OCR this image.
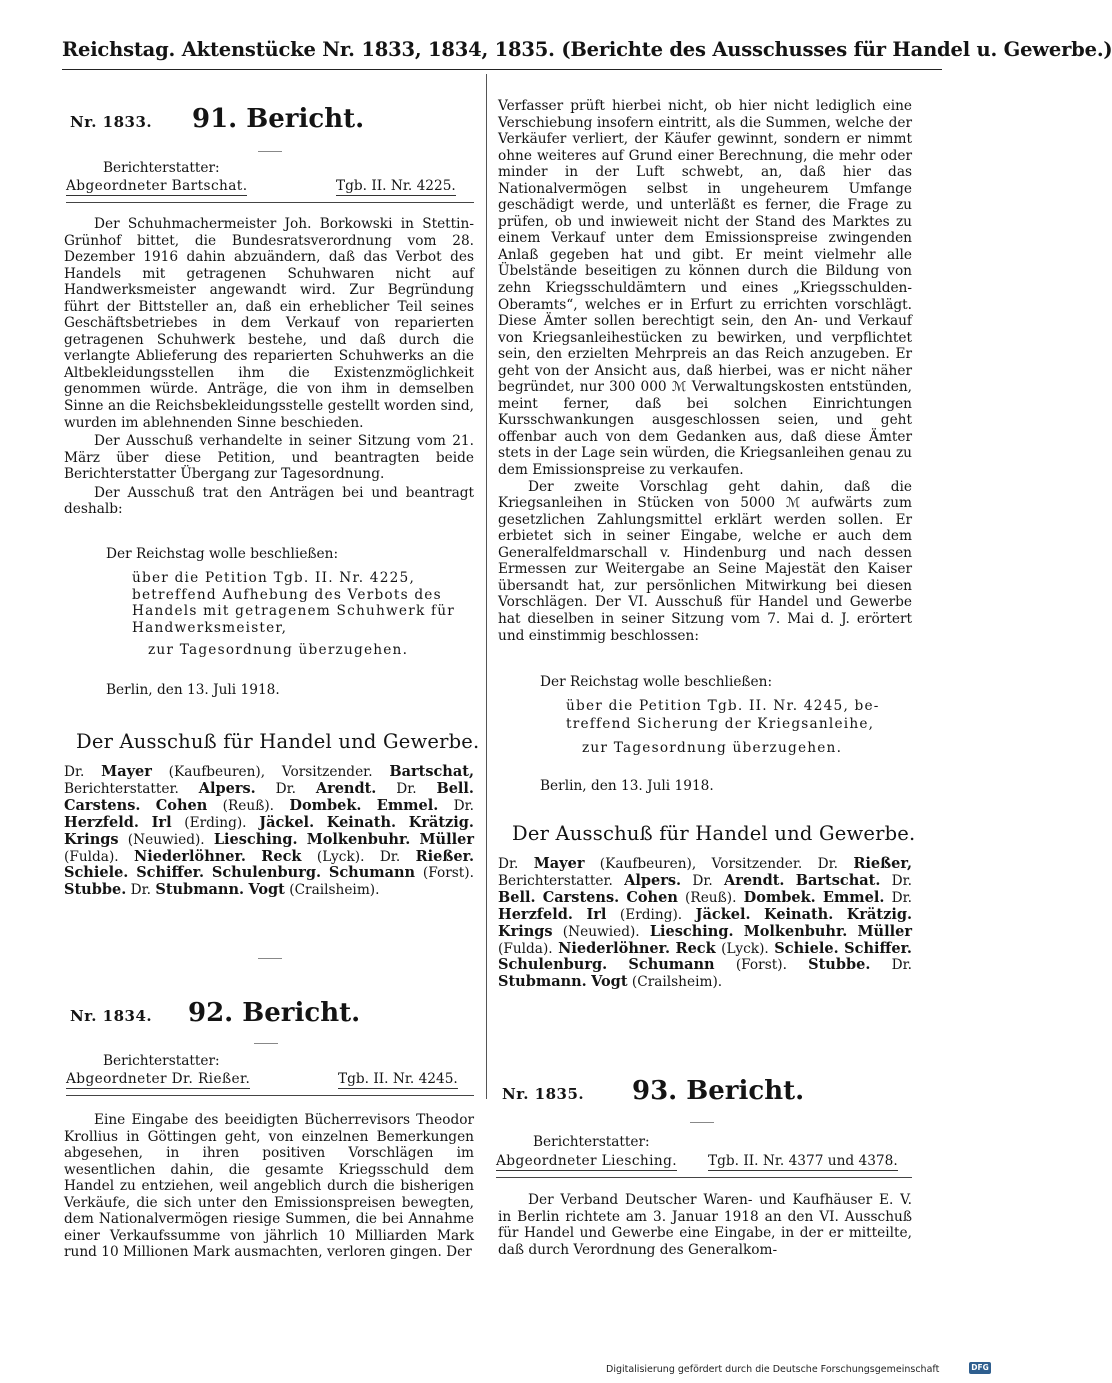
Reichstag. Aktenstücke Nr. 1833, 1834, 1835. (Berichte des Ausschusses für Handel u. Gewerbe.)
Nr. 1833. 91. Bericht.
Berichterstatter:
Abgeordneter Bartschat.	Tgb. II. Nr. 4225.

Der Schuhmachermeister Joh. Borkowski in Stettin-Grünhof bittet, die Bundesratsverordnung vom 28. Dezember 1916 dahin abzuändern, daß das Verbot des Handels mit getragenen Schuhwaren nicht auf Handwerksmeister angewandt wird. Zur Begründung führt der Bittsteller an, daß ein erheblicher Teil seines Geschäftsbetriebes in dem Verkauf von reparierten getragenen Schuhwerk bestehe, und daß durch die verlangte Ablieferung des reparierten Schuhwerks an die Altbekleidungsstellen ihm die Existenzmöglichkeit genommen würde. Anträge, die von ihm in demselben Sinne an die Reichsbekleidungsstelle gestellt worden sind, wurden im ablehnenden Sinne beschieden.

Der Ausschuß verhandelte in seiner Sitzung vom 21. März über diese Petition, und beantragten beide Berichterstatter Übergang zur Tagesordnung.

Der Ausschuß trat den Anträgen bei und beantragt deshalb:

Der Reichstag wolle beschließen:
über die Petition Tgb. II. Nr. 4225, betreffend Aufhebung des Verbots des Handels mit getragenem Schuhwerk für Handwerksmeister,
zur Tagesordnung überzugehen.
Berlin, den 13. Juli 1918.
Der Ausschuß für Handel und Gewerbe.
Dr. Mayer (Kaufbeuren), Vorsitzender. Bartschat, Berichterstatter. Alpers. Dr. Arendt. Dr. Bell. Carstens. Cohen (Reuß). Dombek. Emmel. Dr. Herzfeld. Irl (Erding). Jäckel. Keinath. Krätzig. Krings (Neuwied). Liesching. Molkenbuhr. Müller (Fulda). Niederlöhner. Reck (Lyck). Dr. Rießer. Schiele. Schiffer. Schulenburg. Schumann (Forst). Stubbe. Dr. Stubmann. Vogt (Crailsheim).
Nr. 1834. 92. Bericht.
Berichterstatter:
Abgeordneter Dr. Rießer.	Tgb. II. Nr. 4245.

Eine Eingabe des beeidigten Bücherrevisors Theodor Krollius in Göttingen geht, von einzelnen Bemerkungen abgesehen, in ihren positiven Vorschlägen im wesentlichen dahin, die gesamte Kriegsschuld dem Handel zu entziehen, weil angeblich durch die bisherigen Verkäufe, die sich unter den Emissionspreisen bewegten, dem Nationalvermögen riesige Summen, die bei Annahme einer Verkaufssumme von jährlich 10 Milliarden Mark rund 10 Millionen Mark ausmachten, verloren gingen. Der

Verfasser prüft hierbei nicht, ob hier nicht lediglich eine Verschiebung insofern eintritt, als die Summen, welche der Verkäufer verliert, der Käufer gewinnt, sondern er nimmt ohne weiteres auf Grund einer Berechnung, die mehr oder minder in der Luft schwebt, an, daß hier das Nationalvermögen selbst in ungeheurem Umfange geschädigt werde, und unterläßt es ferner, die Frage zu prüfen, ob und inwieweit nicht der Stand des Marktes zu einem Verkauf unter dem Emissionspreise zwingenden Anlaß gegeben hat und gibt. Er meint vielmehr alle Übelstände beseitigen zu können durch die Bildung von zehn Kriegsschuldämtern und eines „Kriegsschulden-Oberamts“, welches er in Erfurt zu errichten vorschlägt. Diese Ämter sollen berechtigt sein, den An- und Verkauf von Kriegsanleihestücken zu bewirken, und verpflichtet sein, den erzielten Mehrpreis an das Reich anzugeben. Er geht von der Ansicht aus, daß hierbei, was er nicht näher begründet, nur 300 000 ℳ Verwaltungskosten entstünden, meint ferner, daß bei solchen Einrichtungen Kursschwankungen ausgeschlossen seien, und geht offenbar auch von dem Gedanken aus, daß diese Ämter stets in der Lage sein würden, die Kriegsanleihen genau zu dem Emissionspreise zu verkaufen.

Der zweite Vorschlag geht dahin, daß die Kriegsanleihen in Stücken von 5000 ℳ aufwärts zum gesetzlichen Zahlungsmittel erklärt werden sollen. Er erbietet sich in seiner Eingabe, welche er auch dem Generalfeldmarschall v. Hindenburg und nach dessen Ermessen zur Weitergabe an Seine Majestät den Kaiser übersandt hat, zur persönlichen Mitwirkung bei diesen Vorschlägen. Der VI. Ausschuß für Handel und Gewerbe hat dieselben in seiner Sitzung vom 7. Mai d. J. erörtert und einstimmig beschlossen:

Der Reichstag wolle beschließen:
über die Petition Tgb. II. Nr. 4245, be-
treffend Sicherung der Kriegsanleihe,
zur Tagesordnung überzugehen.
Berlin, den 13. Juli 1918.
Der Ausschuß für Handel und Gewerbe.
Dr. Mayer (Kaufbeuren), Vorsitzender. Dr. Rießer, Berichterstatter. Alpers. Dr. Arendt. Bartschat. Dr. Bell. Carstens. Cohen (Reuß). Dombek. Emmel. Dr. Herzfeld. Irl (Erding). Jäckel. Keinath. Krätzig. Krings (Neuwied). Liesching. Molkenbuhr. Müller (Fulda). Niederlöhner. Reck (Lyck). Schiele. Schiffer. Schulenburg. Schumann (Forst). Stubbe. Dr. Stubmann. Vogt (Crailsheim).
Nr. 1835. 93. Bericht.
Berichterstatter:
Abgeordneter Liesching. Tgb. II. Nr. 4377 und 4378.

Der Verband Deutscher Waren- und Kaufhäuser E. V. in Berlin richtete am 3. Januar 1918 an den VI. Ausschuß für Handel und Gewerbe eine Eingabe, in der er mitteilte, daß durch Verordnung des Generalkom-

Digitalisierung gefördert durch die Deutsche Forschungsgemeinschaft	DFG
